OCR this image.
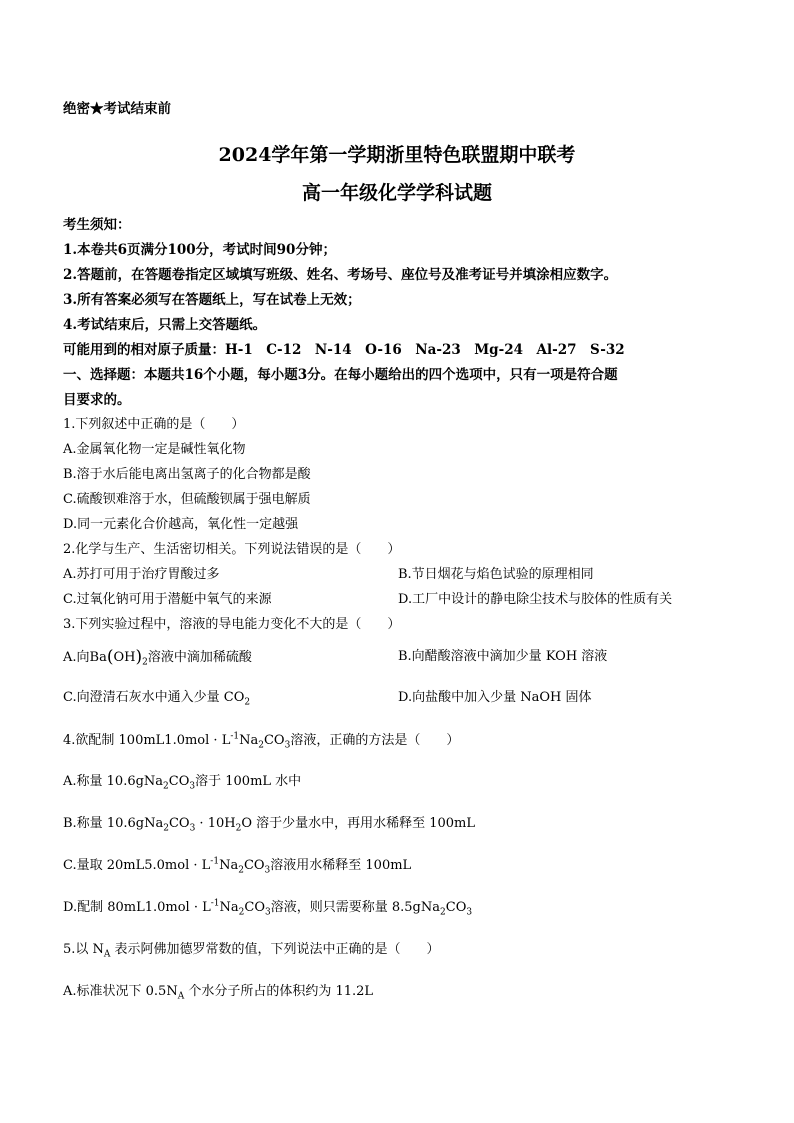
绝密★考试结束前
2024学年第一学期浙里特色联盟期中联考
高一年级化学学科试题
考生须知：
1.本卷共6页满分100分，考试时间90分钟；
2.答题前，在答题卷指定区域填写班级、姓名、考场号、座位号及准考证号并填涂相应数字。
3.所有答案必须写在答题纸上，写在试卷上无效；
4.考试结束后，只需上交答题纸。
可能用到的相对原子质量：H-1　C-12　N-14　O-16　Na-23　Mg-24　Al-27　S-32
一、选择题：本题共16个小题，每小题3分。在每小题给出的四个选项中，只有一项是符合题
目要求的。
1.下列叙述中正确的是（　　）
A.金属氧化物一定是碱性氧化物
B.溶于水后能电离出氢离子的化合物都是酸
C.硫酸钡难溶于水，但硫酸钡属于强电解质
D.同一元素化合价越高，氧化性一定越强
2.化学与生产、生活密切相关。下列说法错误的是（　　）
A.苏打可用于治疗胃酸过多	B.节日烟花与焰色试验的原理相同
C.过氧化钠可用于潜艇中氧气的来源	D.工厂中设计的静电除尘技术与胶体的性质有关
3.下列实验过程中，溶液的导电能力变化不大的是（　　）
A.向$Ba(OH)_2$溶液中滴加稀硫酸	B.向醋酸溶液中滴加少量 KOH 溶液
C.向澄清石灰水中通入少量 $CO_2$	D.向盐酸中加入少量 NaOH 固体
4.欲配制 $100mL1.0mol \cdot L^{-1}Na_2CO_3$溶液，正确的方法是（　　）
A.称量 $10.6gNa_2CO_3$溶于 100mL 水中
B.称量 $10.6gNa_2CO_3 \cdot 10H_2O$ 溶于少量水中，再用水稀释至 100mL
C.量取 $20mL5.0mol \cdot L^{-1}Na_2CO_3$溶液用水稀释至 100mL
D.配制 $80mL1.0mol \cdot L^{-1}Na_2CO_3$溶液，则只需要称量 $8.5gNa_2CO_3$
5.以 $N_A$ 表示阿佛加德罗常数的值，下列说法中正确的是（　　）
A.标准状况下 $0.5N_A$ 个水分子所占的体积约为 11.2L
